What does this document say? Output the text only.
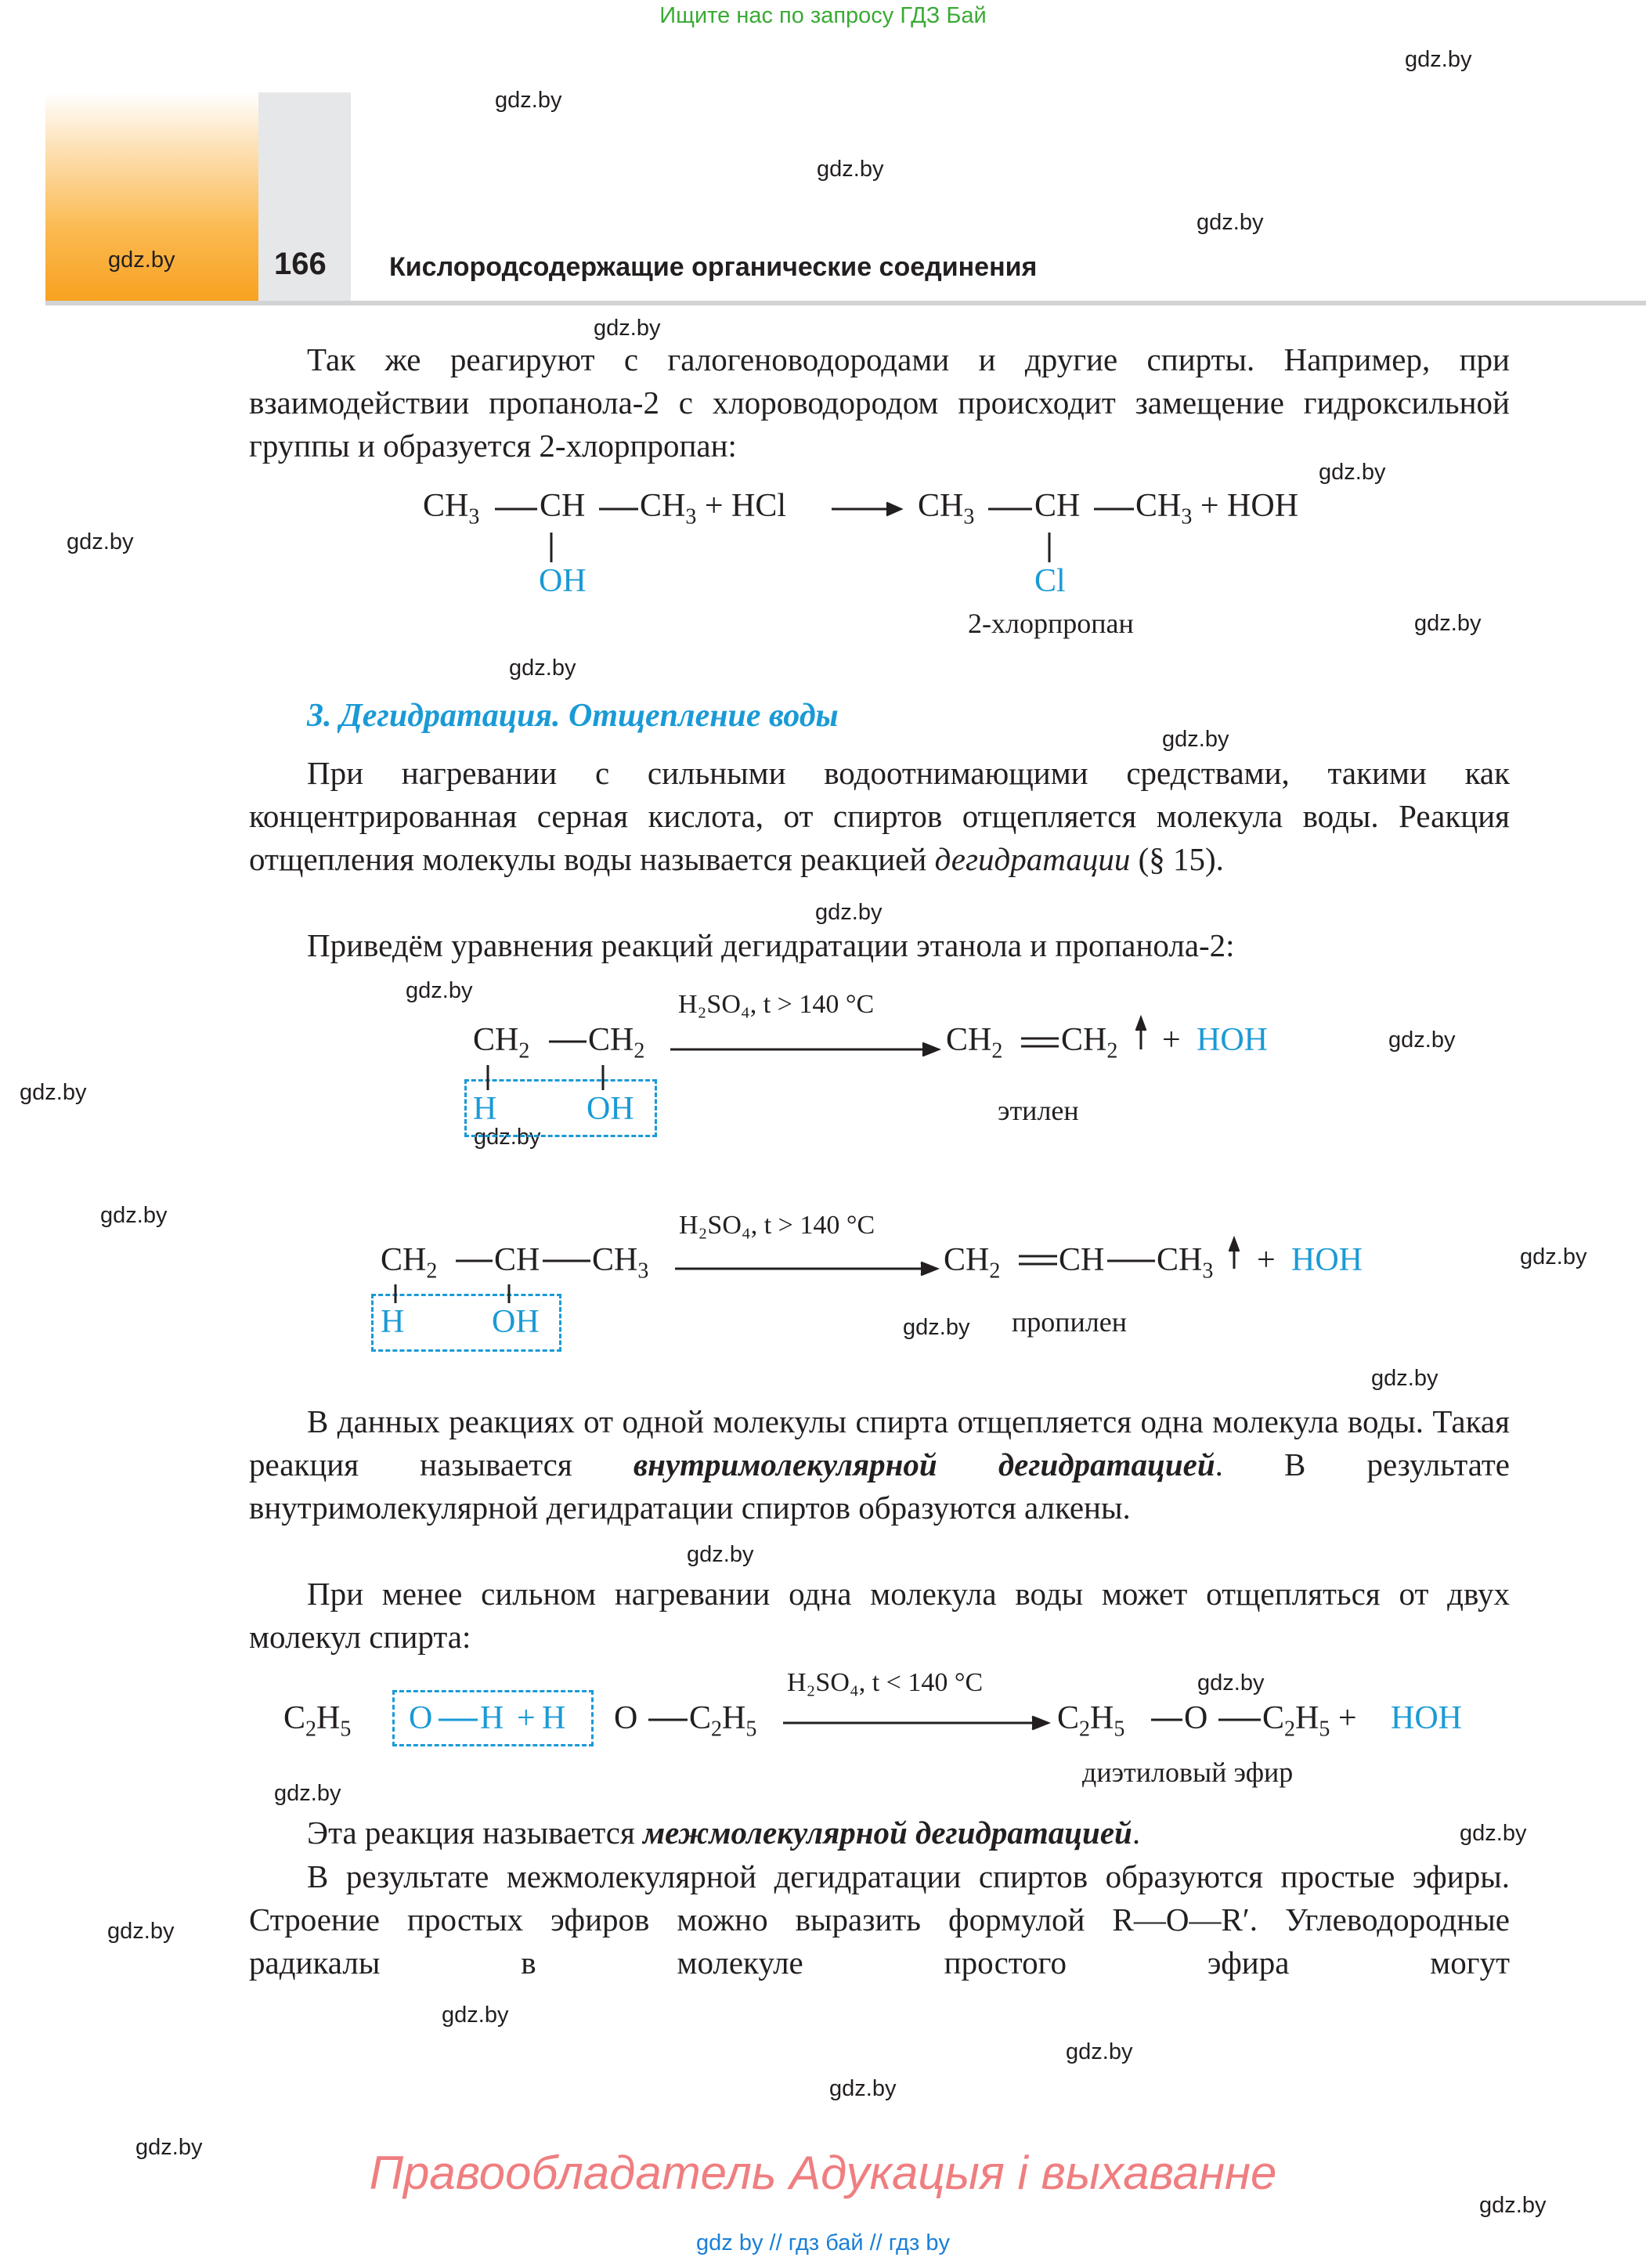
Ищите нас по запросу ГДЗ Бай
166 Кислородсодержащие органические соединения
gdz.by
gdz.by
gdz.by
gdz.by
gdz.by
gdz.by
gdz.by
gdz.by
gdz.by
gdz.by
gdz.by
gdz.by
gdz.by
gdz.by
gdz.by
gdz.by
gdz.by
gdz.by
gdz.by
gdz.by
gdz.by
gdz.by
gdz.by
gdz.by
gdz.by
gdz.by
gdz.by
gdz.by
gdz.by
gdz.by
Так же реагируют с галогеноводородами и другие спирты. Например, при взаимодействии пропанола-2 с хлороводородом происходит замещение гидроксильной группы и образуется 2-хлорпропан:
$CH_3$ CH $CH_3$ + HCl	$CH_3$ CH $CH_3$ + HOH
OH	Cl
2-хлорпропан
3. Дегидратация. Отщепление воды
При нагревании с сильными водоотнимающими средствами, такими как концентрированная серная кислота, от спиртов отщепляется молекула воды. Реакция отщепления молекулы воды называется реакцией дегидратации (§ 15).
Приведём уравнения реакций дегидратации этанола и пропанола-2:
$CH_2$ $CH_2$
H₂SO₄, t > 140 °C
$CH_2$ $CH_2$ + HOH
H	OH	этилен
$CH_2$ CH $CH_3$
H₂SO₄, t > 140 °C
$CH_2$ CH $CH_3$ + HOH
H	OH	пропилен
В данных реакциях от одной молекулы спирта отщепляется одна молекула воды. Такая реакция называется внутримолекулярной дегидратацией. В результате внутримолекулярной дегидратации спиртов образуются алкены.
При менее сильном нагревании одна молекула воды может отщепляться от двух молекул спирта:
$C_2H_5$ O H + H O $C_2H_5$
H₂SO₄, t < 140 °C
$C_2H_5$ O $C_2H_5$ + HOH
диэтиловый эфир
Эта реакция называется межмолекулярной дегидратацией.
В результате межмолекулярной дегидратации спиртов образуются простые эфиры. Строение простых эфиров можно выразить формулой R—O—R′. Углеводородные радикалы в молекуле простого эфира могут
Правообладатель Адукацыя і выхаванне
gdz by // гдз бай // гдз by
